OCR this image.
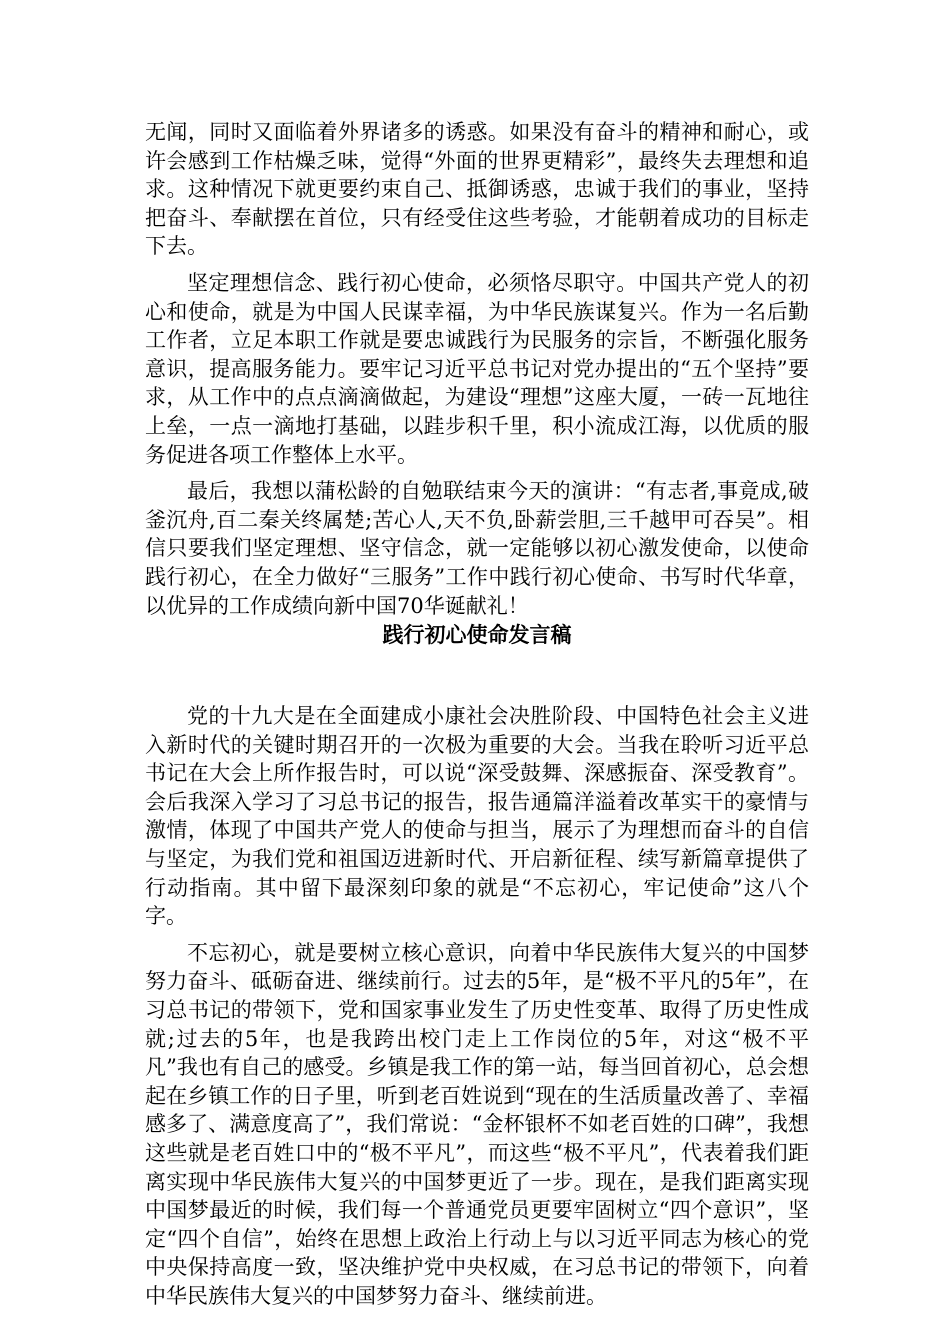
无闻，同时又面临着外界诸多的诱惑。如果没有奋斗的精神和耐心，或许会感到工作枯燥乏味，觉得“外面的世界更精彩”，最终失去理想和追求。这种情况下就更要约束自己、抵御诱惑，忠诚于我们的事业，坚持把奋斗、奉献摆在首位，只有经受住这些考验，才能朝着成功的目标走下去。

坚定理想信念、践行初心使命，必须恪尽职守。中国共产党人的初心和使命，就是为中国人民谋幸福，为中华民族谋复兴。作为一名后勤工作者，立足本职工作就是要忠诚践行为民服务的宗旨，不断强化服务意识，提高服务能力。要牢记习近平总书记对党办提出的“五个坚持”要求，从工作中的点点滴滴做起，为建设“理想”这座大厦，一砖一瓦地往上垒，一点一滴地打基础，以跬步积千里，积小流成江海，以优质的服务促进各项工作整体上水平。

最后，我想以蒲松龄的自勉联结束今天的演讲：“有志者,事竟成,破釜沉舟,百二秦关终属楚;苦心人,天不负,卧薪尝胆,三千越甲可吞吴”。相信只要我们坚定理想、坚守信念，就一定能够以初心激发使命，以使命践行初心，在全力做好“三服务”工作中践行初心使命、书写时代华章，以优异的工作成绩向新中国70华诞献礼！

践行初心使命发言稿

党的十九大是在全面建成小康社会决胜阶段、中国特色社会主义进入新时代的关键时期召开的一次极为重要的大会。当我在聆听习近平总书记在大会上所作报告时，可以说“深受鼓舞、深感振奋、深受教育”。会后我深入学习了习总书记的报告，报告通篇洋溢着改革实干的豪情与激情，体现了中国共产党人的使命与担当，展示了为理想而奋斗的自信与坚定，为我们党和祖国迈进新时代、开启新征程、续写新篇章提供了行动指南。其中留下最深刻印象的就是“不忘初心，牢记使命”这八个字。

不忘初心，就是要树立核心意识，向着中华民族伟大复兴的中国梦努力奋斗、砥砺奋进、继续前行。过去的5年，是“极不平凡的5年”，在习总书记的带领下，党和国家事业发生了历史性变革、取得了历史性成就;过去的5年，也是我跨出校门走上工作岗位的5年，对这“极不平凡”我也有自己的感受。乡镇是我工作的第一站，每当回首初心，总会想起在乡镇工作的日子里，听到老百姓说到“现在的生活质量改善了、幸福感多了、满意度高了”，我们常说：“金杯银杯不如老百姓的口碑”，我想这些就是老百姓口中的“极不平凡”，而这些“极不平凡”，代表着我们距离实现中华民族伟大复兴的中国梦更近了一步。现在，是我们距离实现中国梦最近的时候，我们每一个普通党员更要牢固树立“四个意识”，坚定“四个自信”，始终在思想上政治上行动上与以习近平同志为核心的党中央保持高度一致，坚决维护党中央权威，在习总书记的带领下，向着中华民族伟大复兴的中国梦努力奋斗、继续前进。
